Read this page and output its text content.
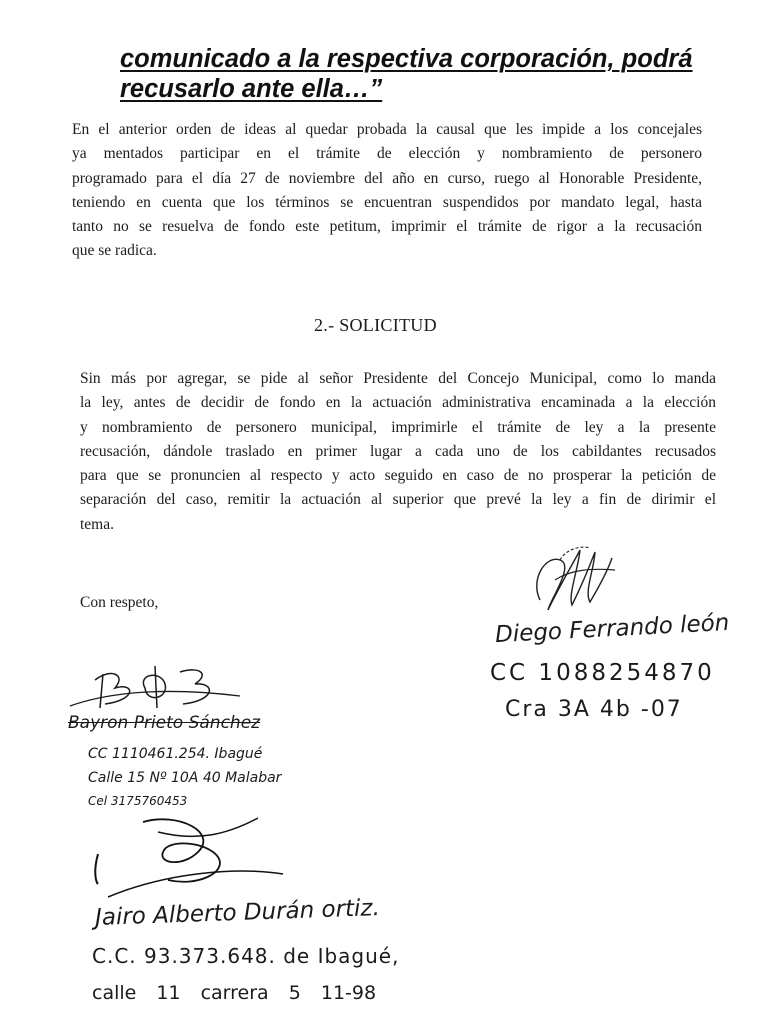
comunicado a la respectiva corporación, podrá
recusarlo ante ella…”
En el anterior orden de ideas al quedar probada la causal que les impide a los concejales
ya mentados participar en el trámite de elección y nombramiento de personero
programado para el día 27 de noviembre del año en curso, ruego al Honorable Presidente,
teniendo en cuenta que los términos se encuentran suspendidos por mandato legal, hasta
tanto no se resuelva de fondo este petitum, imprimir el trámite de rigor a la recusación
que se radica.
2.- SOLICITUD
Sin más por agregar, se pide al señor Presidente del Concejo Municipal, como lo manda
la ley, antes de decidir de fondo en la actuación administrativa encaminada a la elección
y nombramiento de personero municipal, imprimirle el trámite de ley a la presente
recusación, dándole traslado en primer lugar a cada uno de los cabildantes recusados
para que se pronuncien al respecto y acto seguido en caso de no prosperar la petición de
separación del caso, remitir la actuación al superior que prevé la ley a fin de dirimir el
tema.
Con respeto,
Diego Ferrando león
CC 1088254870
Cra 3A 4b -07
Bayron Prieto Sánchez
CC 1110461.254. Ibagué
Calle 15 Nº 10A 40 Malabar
Cel 3175760453
Jairo Alberto Durán ortiz.
C.C. 93.373.648. de Ibagué,
calle 11 carrera 5 11-98
